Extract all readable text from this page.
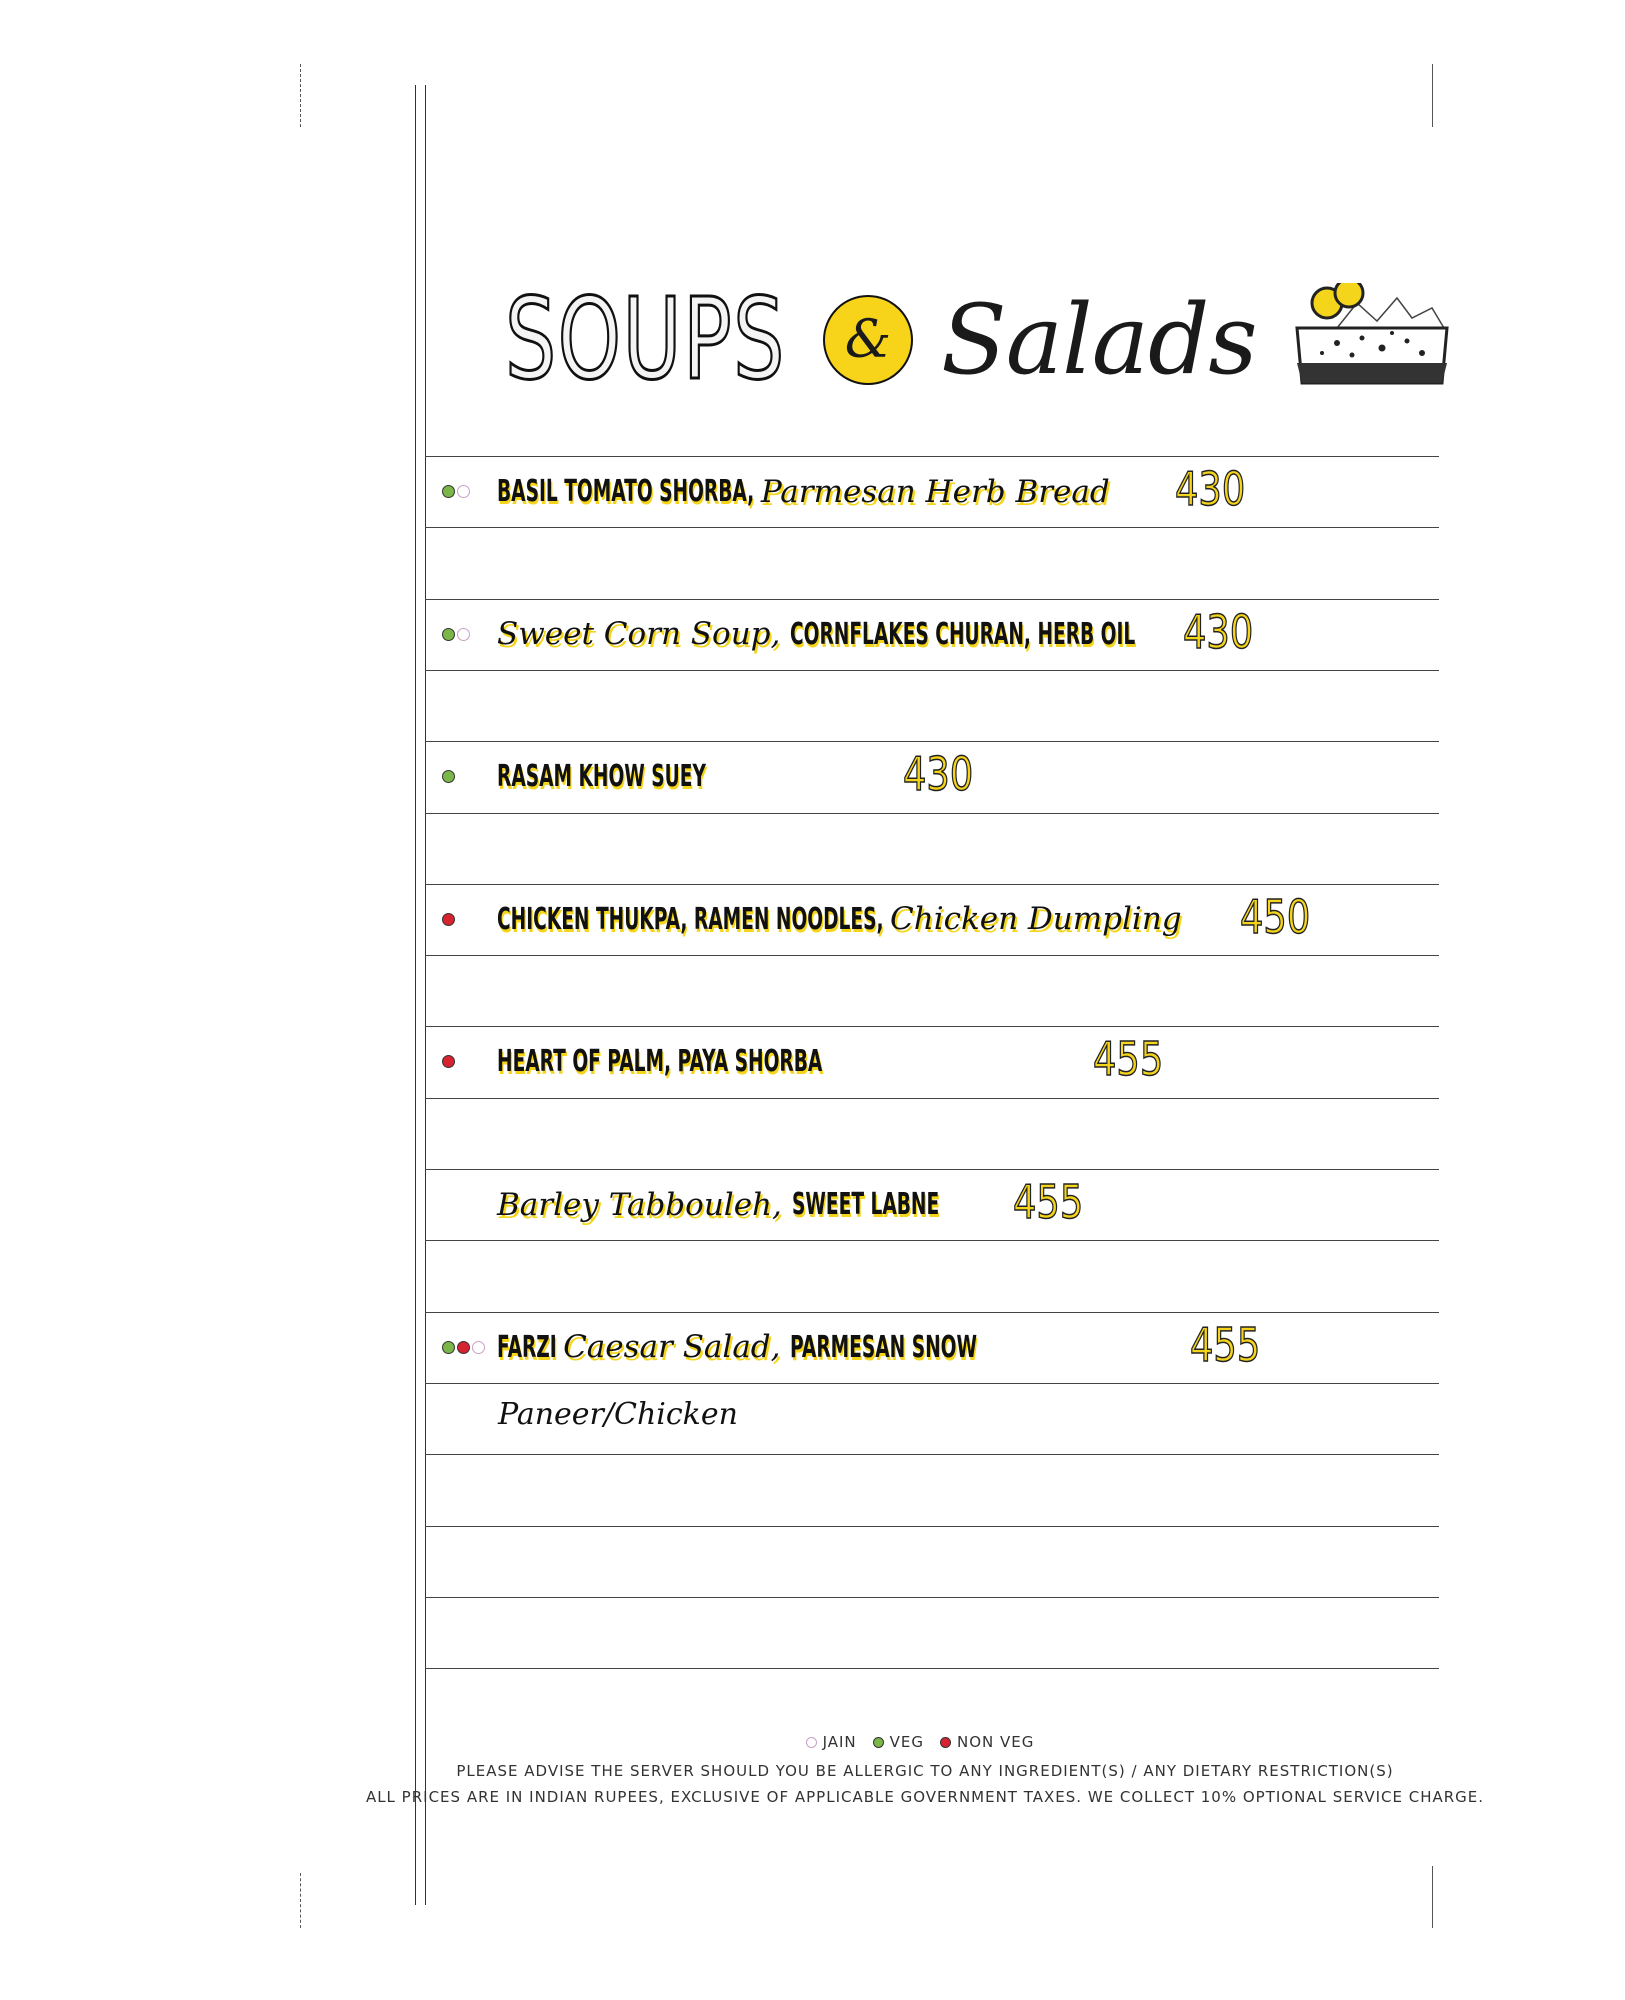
SOUPS	& Salads
BASIL TOMATO SHORBA, Parmesan Herb Bread 430
Sweet Corn Soup, CORNFLAKES CHURAN, HERB OIL 430
RASAM KHOW SUEY	430
CHICKEN THUKPA, RAMEN NOODLES, Chicken Dumpling 450
HEART OF PALM, PAYA SHORBA	455
Barley Tabbouleh, SWEET LABNE 455
FARZI Caesar Salad, PARMESAN SNOW	455
Paneer/Chicken
JAIN VEG NON VEG
PLEASE ADVISE THE SERVER SHOULD YOU BE ALLERGIC TO ANY INGREDIENT(S) / ANY DIETARY RESTRICTION(S)
ALL PRICES ARE IN INDIAN RUPEES, EXCLUSIVE OF APPLICABLE GOVERNMENT TAXES. WE COLLECT 10% OPTIONAL SERVICE CHARGE.
